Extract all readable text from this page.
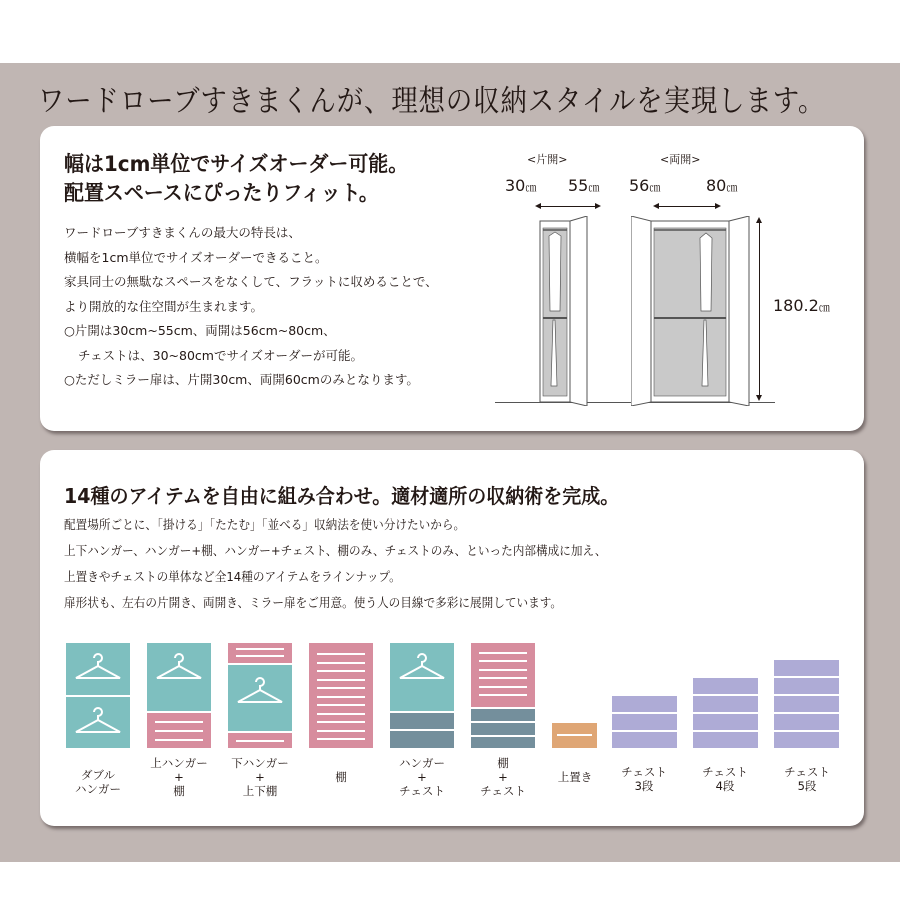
ワードローブすきまくんが、理想の収納スタイルを実現します。
幅は1cm単位でサイズオーダー可能。
配置スペースにぴったりフィット。
ワードローブすきまくんの最大の特長は、
横幅を1cm単位でサイズオーダーできること。
家具同士の無駄なスペースをなくして、フラットに収めることで、
より開放的な住空間が生まれます。
○片開は30cm~55cm、両開は56cm~80cm、
チェストは、30~80cmでサイズオーダーが可能。
○ただしミラー扉は、片開30cm、両開60cmのみとなります。
<片開>	<両開>
30㎝ 55㎝ 56㎝	80㎝
180.2㎝
14種のアイテムを自由に組み合わせ。適材適所の収納術を完成。
配置場所ごとに、「掛ける」「たたむ」「並べる」収納法を使い分けたいから。
上下ハンガー、ハンガー+棚、ハンガー+チェスト、棚のみ、チェストのみ、といった内部構成に加え、
上置きやチェストの単体など全14種のアイテムをラインナップ。
扉形状も、左右の片開き、両開き、ミラー扉をご用意。使う人の目線で多彩に展開しています。
ダブル
ハンガー
上ハンガー
+
棚
下ハンガー
+
上下棚
棚
ハンガー
+
チェスト
棚
+
チェスト
上置き	チェスト
3段
チェスト
4段
チェスト
5段
